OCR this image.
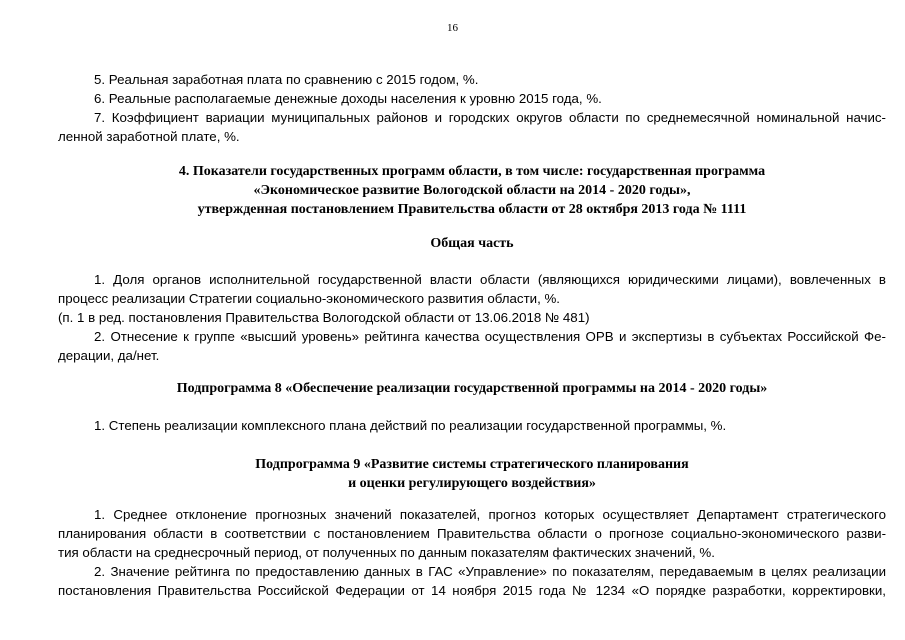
16
5. Реальная заработная плата по сравнению с 2015 годом, %.
6. Реальные располагаемые денежные доходы населения к уровню 2015 года, %.
7. Коэффициент вариации муниципальных районов и городских округов области по среднемесячной номинальной начис-
ленной заработной плате, %.
4. Показатели государственных программ области, в том числе: государственная программа
«Экономическое развитие Вологодской области на 2014 - 2020 годы»,
утвержденная постановлением Правительства области от 28 октября 2013 года № 1111
Общая часть
1. Доля органов исполнительной государственной власти области (являющихся юридическими лицами), вовлеченных в
процесс реализации Стратегии социально-экономического развития области, %.
(п. 1 в ред. постановления Правительства Вологодской области от 13.06.2018 № 481)
2. Отнесение к группе «высший уровень» рейтинга качества осуществления ОРВ и экспертизы в субъектах Российской Фе-
дерации, да/нет.
Подпрограмма 8 «Обеспечение реализации государственной программы на 2014 - 2020 годы»
1. Степень реализации комплексного плана действий по реализации государственной программы, %.
Подпрограмма 9 «Развитие системы стратегического планирования
и оценки регулирующего воздействия»
1. Среднее отклонение прогнозных значений показателей, прогноз которых осуществляет Департамент стратегического
планирования области в соответствии с постановлением Правительства области о прогнозе социально-экономического разви-
тия области на среднесрочный период, от полученных по данным показателям фактических значений, %.
2. Значение рейтинга по предоставлению данных в ГАС «Управление» по показателям, передаваемым в целях реализации
постановления Правительства Российской Федерации от 14 ноября 2015 года № 1234 «О порядке разработки, корректировки,
